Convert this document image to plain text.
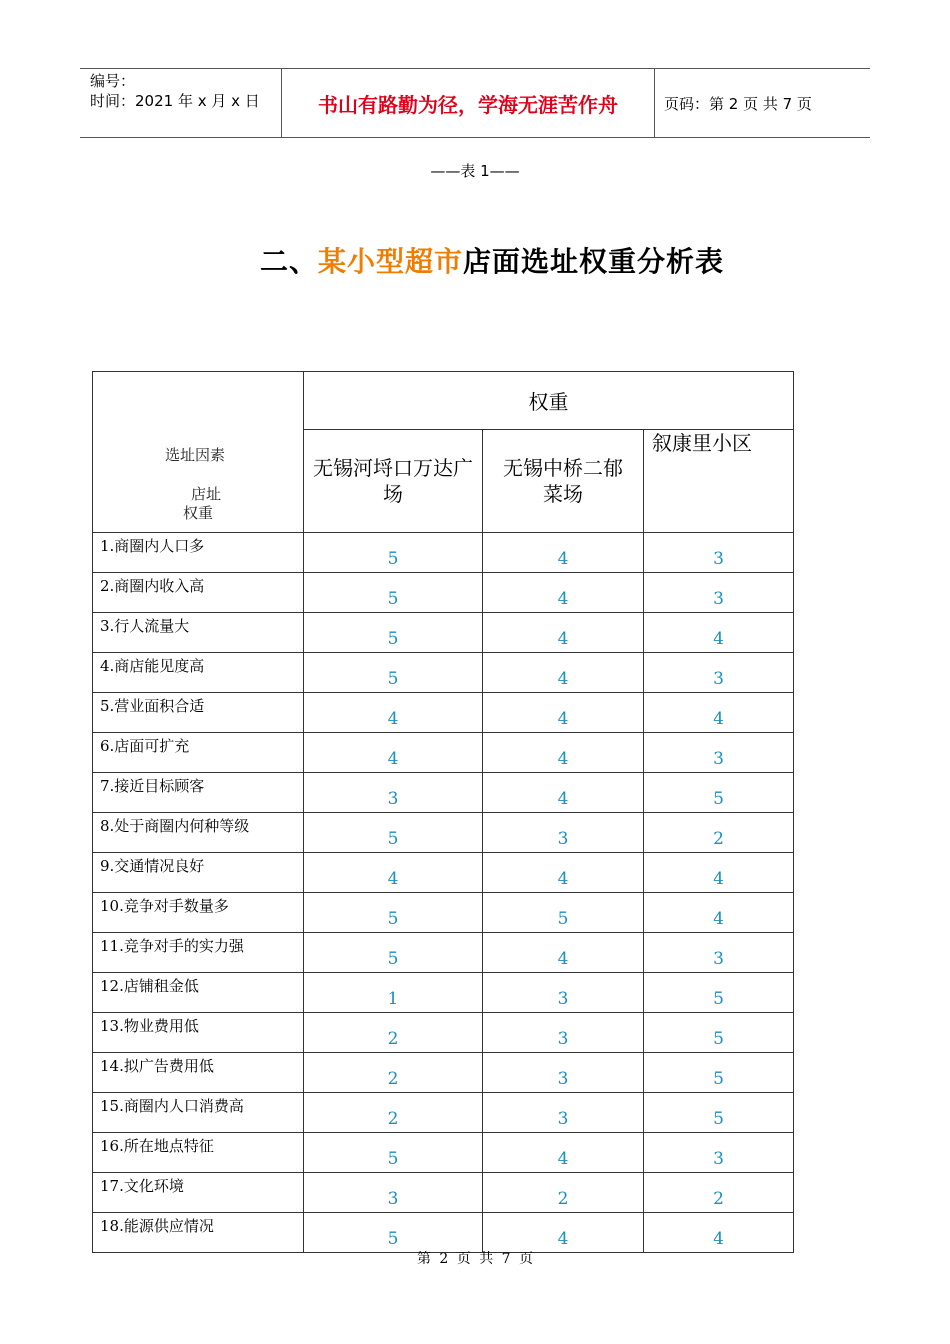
编号：
时间：2021 年 x 月 x 日	书山有路勤为径，学海无涯苦作舟	页码：第 2 页 共 7 页
——表 1——
二、某小型超市店面选址权重分析表
选址因素
店址
权重	权重		
	无锡河埒口万达广场	无锡中桥二郁菜场	叙康里小区
1.商圈内人口多	5	4	3
2.商圈内收入高	5	4	3
3.行人流量大	5	4	4
4.商店能见度高	5	4	3
5.营业面积合适	4	4	4
6.店面可扩充	4	4	3
7.接近目标顾客	3	4	5
8.处于商圈内何种等级	5	3	2
9.交通情况良好	4	4	4
10.竞争对手数量多	5	5	4
11.竞争对手的实力强	5	4	3
12.店铺租金低	1	3	5
13.物业费用低	2	3	5
14.拟广告费用低	2	3	5
15.商圈内人口消费高	2	3	5
16.所在地点特征	5	4	3
17.文化环境	3	2	2
18.能源供应情况	5	4	4
第 2 页 共 7 页
